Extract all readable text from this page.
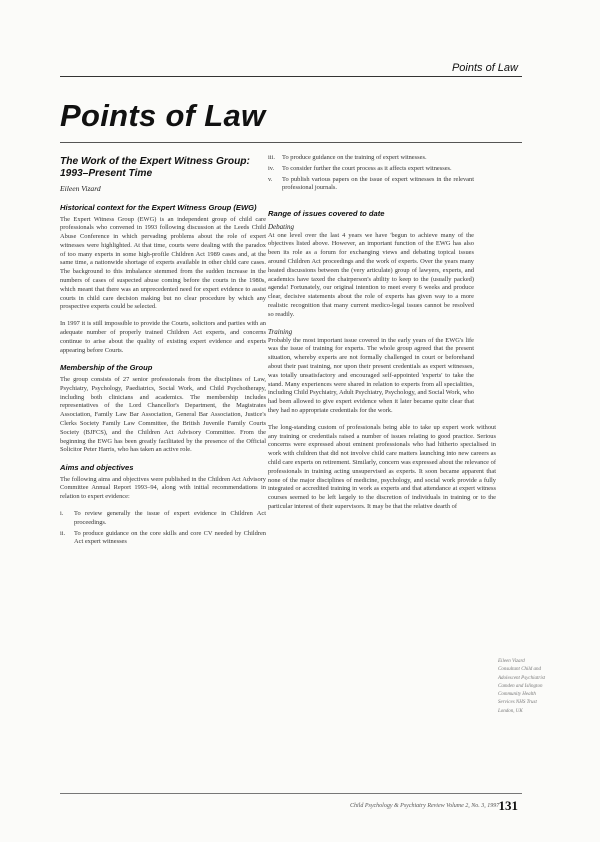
Points of Law
Points of Law
The Work of the Expert Witness Group: 1993–Present Time
Eileen Vizard
Historical context for the Expert Witness Group (EWG)

The Expert Witness Group (EWG) is an independent group of child care professionals who convened in 1993 following discussion at the Leeds Child Abuse Conference in which pervading problems about the role of expert witnesses were highlighted. At that time, courts were dealing with the paradox of too many experts in some high-profile Children Act 1989 cases and, at the same time, a nationwide shortage of experts available in other child care cases. The background to this imbalance stemmed from the sudden increase in the numbers of cases of suspected abuse coming before the courts in the 1980s, which meant that there was an unprecedented need for expert evidence to assist courts in child care decision making but no clear procedure by which any prospective experts could be selected.

In 1997 it is still impossible to provide the Courts, solicitors and parties with an adequate number of properly trained Children Act experts, and concerns continue to arise about the quality of existing expert evidence and experts appearing before Courts.

Membership of the Group

The group consists of 27 senior professionals from the disciplines of Law, Psychiatry, Psychology, Paediatrics, Social Work, and Child Psychotherapy, including both clinicians and academics. The membership includes representatives of the Lord Chancellor's Department, the Magistrates Association, Family Law Bar Association, General Bar Association, Justice's Clerks Society Family Law Committee, the British Juvenile Family Courts Society (BJFCS), and the Children Act Advisory Committee. From the beginning the EWG has been greatly facilitated by the presence of the Official Solicitor Peter Harris, who has taken an active role.

Aims and objectives

The following aims and objectives were published in the Children Act Advisory Committee Annual Report 1993–94, along with initial recommendations in relation to expert evidence:

i.	To review generally the issue of expert evidence in Children Act proceedings.
ii.	To produce guidance on the core skills and core CV needed by Children Act expert witnesses
iii. To produce guidance on the training of expert witnesses.
iv. To consider further the court process as it affects expert witnesses.
v.	To publish various papers on the issue of expert witnesses in the relevant professional journals.
Range of issues covered to date
Debating

At one level over the last 4 years we have 'begun to achieve many of the objectives listed above. However, an important function of the EWG has also been its role as a forum for exchanging views and debating topical issues around Children Act proceedings and the work of experts. Over the years many heated discussions between the (very articulate) group of lawyers, experts, and academics have taxed the chairperson's ability to keep to the (usually packed) agenda! Fortunately, our original intention to meet every 6 weeks and produce clear, decisive statements about the role of experts has given way to a more realistic recognition that many current medico-legal issues cannot be resolved so readily.

Training

Probably the most important issue covered in the early years of the EWG's life was the issue of training for experts. The whole group agreed that the present situation, whereby experts are not formally challenged in court or beforehand about their past training, nor upon their present credentials as expert witnesses, was totally unsatisfactory and encouraged self-appointed 'experts' to take the stand. Many experiences were shared in relation to experts from all specialities, including Child Psychiatry, Adult Psychiatry, Psychology, and Social Work, who had been allowed to give expert evidence when it later became quite clear that they had no appropriate credentials for the work.

The long-standing custom of professionals being able to take up expert work without any training or credentials raised a number of issues relating to good practice. Serious concerns were expressed about eminent professionals who had hitherto specialised in work with children that did not involve child care matters launching into new careers as child care experts on retirement. Similarly, concern was expressed about the relevance of professionals in training acting unsupervised as experts. It soon became apparent that none of the major disciplines of medicine, psychology, and social work provide a fully integrated or accredited training in work as experts and that attendance at expert witness courses seemed to be left largely to the discretion of individuals in training or to the particular interest of their supervisors. It may be that the relative dearth of

Eileen Vizard
Consultant Child and
Adolescent Psychiatrist
Camden and Islington
Community Health
Services NHS Trust
London, UK
Child Psychology & Psychiatry Review Volume 2, No. 3, 1997 131
